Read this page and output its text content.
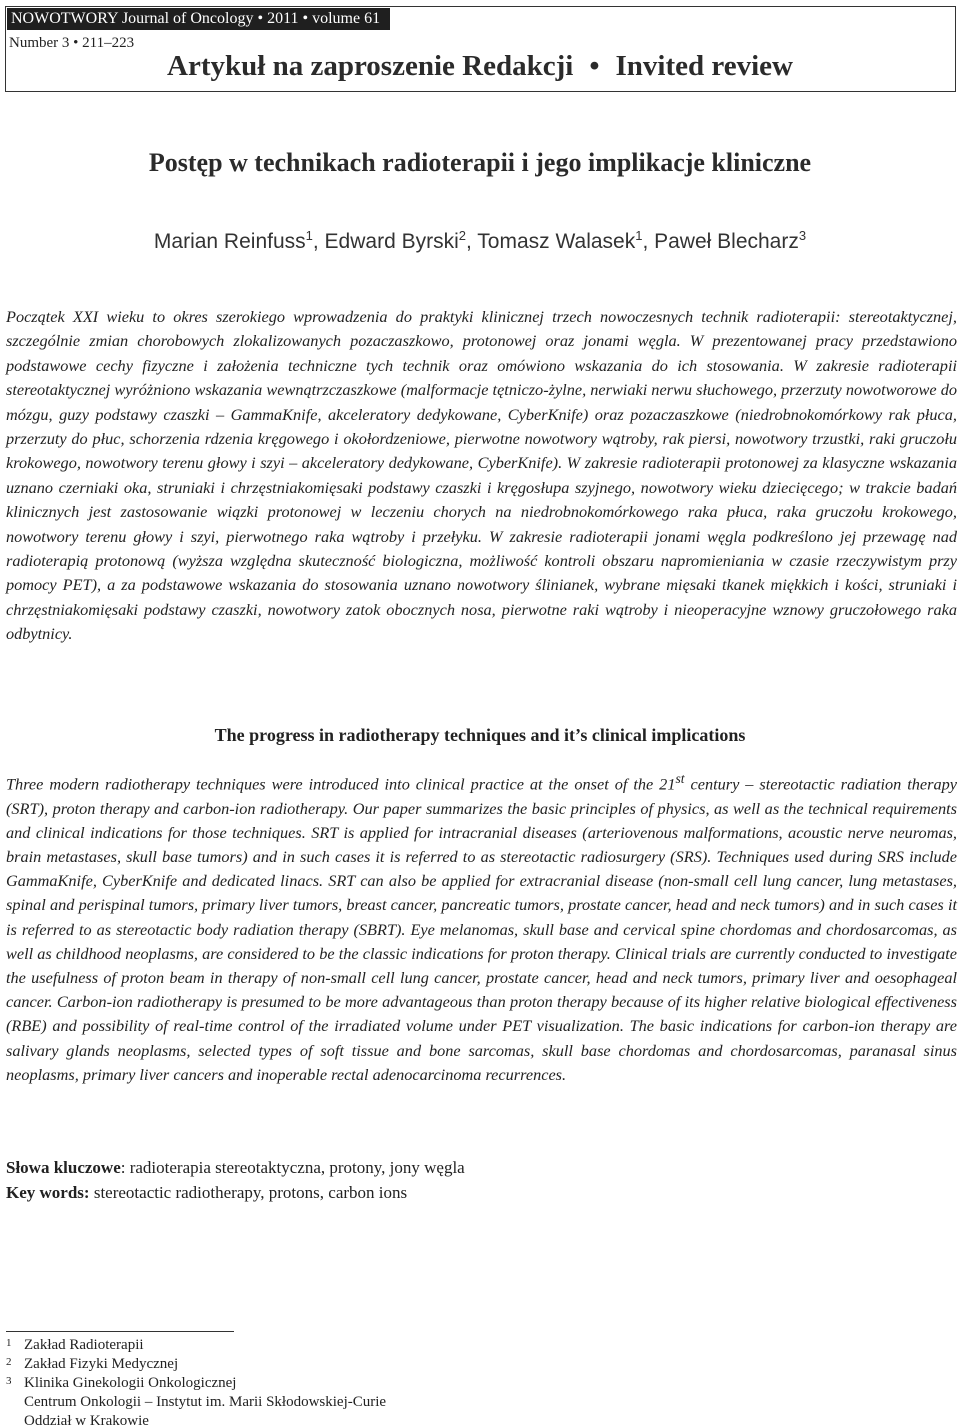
NOWOTWORY Journal of Oncology • 2011 • volume 61
Number 3 • 211–223
Artykuł na zaproszenie Redakcji • Invited review
Postęp w technikach radioterapii i jego implikacje kliniczne
Marian Reinfuss$^1$, Edward Byrski$^2$, Tomasz Walasek$^1$, Paweł Blecharz$^3$

Początek XXI wieku to okres szerokiego wprowadzenia do praktyki klinicznej trzech nowoczesnych technik radioterapii: stereotaktycznej, szczególnie zmian chorobowych zlokalizowanych pozaczaszkowo, protonowej oraz jonami węgla. W prezentowanej pracy przedstawiono podstawowe cechy fizyczne i założenia techniczne tych technik oraz omówiono wskazania do ich stosowania. W zakresie radioterapii stereotaktycznej wyróżniono wskazania wewnątrzczaszkowe (malformacje tętniczo-żylne, nerwiaki nerwu słuchowego, przerzuty nowotworowe do mózgu, guzy podstawy czaszki – GammaKnife, akceleratory dedykowane, CyberKnife) oraz pozaczaszkowe (niedrobnokomórkowy rak płuca, przerzuty do płuc, schorzenia rdzenia kręgowego i okołordzeniowe, pierwotne nowotwory wątroby, rak piersi, nowotwory trzustki, raki gruczołu krokowego, nowotwory terenu głowy i szyi – akceleratory dedykowane, CyberKnife). W zakresie radioterapii protonowej za klasyczne wskazania uznano czerniaki oka, struniaki i chrzęstniakomięsaki podstawy czaszki i kręgosłupa szyjnego, nowotwory wieku dziecięcego; w trakcie badań klinicznych jest zastosowanie wiązki protonowej w leczeniu chorych na niedrobnokomórkowego raka płuca, raka gruczołu krokowego, nowotwory terenu głowy i szyi, pierwotnego raka wątroby i przełyku. W zakresie radioterapii jonami węgla podkreślono jej przewagę nad radioterapią protonową (wyższa względna skuteczność biologiczna, możliwość kontroli obszaru napromieniania w czasie rzeczywistym przy pomocy PET), a za podstawowe wskazania do stosowania uznano nowotwory ślinianek, wybrane mięsaki tkanek miękkich i kości, struniaki i chrzęstniakomięsaki podstawy czaszki, nowotwory zatok obocznych nosa, pierwotne raki wątroby i nieoperacyjne wznowy gruczołowego raka odbytnicy.

The progress in radiotherapy techniques and it’s clinical implications

Three modern radiotherapy techniques were introduced into clinical practice at the onset of the 21st century – stereotactic radiation therapy (SRT), proton therapy and carbon-ion radiotherapy. Our paper summarizes the basic principles of physics, as well as the technical requirements and clinical indications for those techniques. SRT is applied for intracranial diseases (arteriovenous malformations, acoustic nerve neuromas, brain metastases, skull base tumors) and in such cases it is referred to as stereotactic radiosurgery (SRS). Techniques used during SRS include GammaKnife, CyberKnife and dedicated linacs. SRT can also be applied for extracranial disease (non-small cell lung cancer, lung metastases, spinal and perispinal tumors, primary liver tumors, breast cancer, pancreatic tumors, prostate cancer, head and neck tumors) and in such cases it is referred to as stereotactic body radiation therapy (SBRT). Eye melanomas, skull base and cervical spine chordomas and chordosarcomas, as well as childhood neoplasms, are considered to be the classic indications for proton therapy. Clinical trials are currently conducted to investigate the usefulness of proton beam in therapy of non-small cell lung cancer, prostate cancer, head and neck tumors, primary liver and oesophageal cancer. Carbon-ion radiotherapy is presumed to be more advantageous than proton therapy because of its higher relative biological effectiveness (RBE) and possibility of real-time control of the irradiated volume under PET visualization. The basic indications for carbon-ion therapy are salivary glands neoplasms, selected types of soft tissue and bone sarcomas, skull base chordomas and chordosarcomas, paranasal sinus neoplasms, primary liver cancers and inoperable rectal adenocarcinoma recurrences.

Słowa kluczowe: radioterapia stereotaktyczna, protony, jony węgla
Key words: stereotactic radiotherapy, protons, carbon ions
1 Zakład Radioterapii
2 Zakład Fizyki Medycznej
3 Klinika Ginekologii Onkologicznej
Centrum Onkologii – Instytut im. Marii Skłodowskiej-Curie
Oddział w Krakowie
